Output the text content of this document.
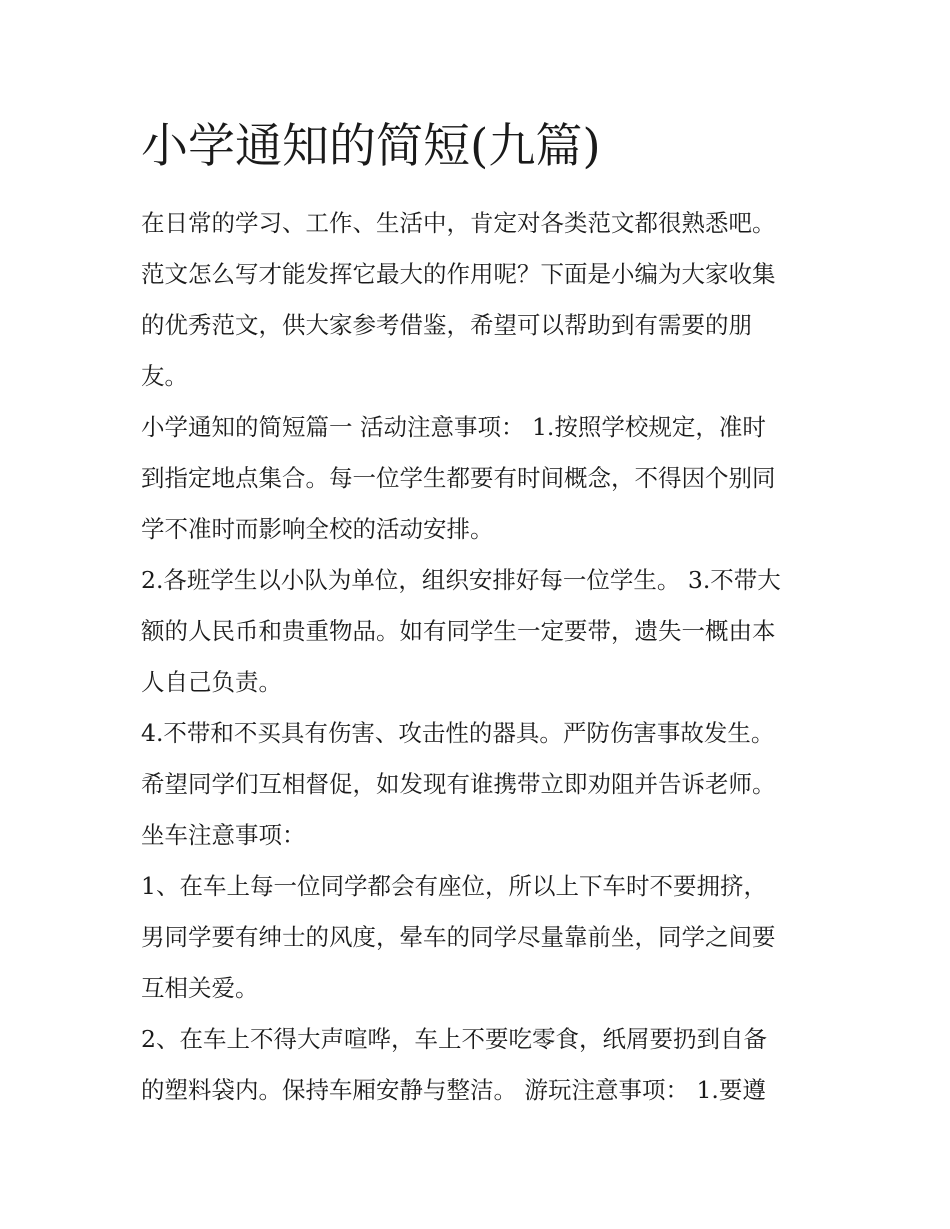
小学通知的简短(九篇)

在日常的学习、工作、生活中，肯定对各类范文都很熟悉吧。
范文怎么写才能发挥它最大的作用呢？下面是小编为大家收集
的优秀范文，供大家参考借鉴，希望可以帮助到有需要的朋
友。

小学通知的简短篇一 活动注意事项： 1.按照学校规定，准时
到指定地点集合。每一位学生都要有时间概念，不得因个别同
学不准时而影响全校的活动安排。

2.各班学生以小队为单位，组织安排好每一位学生。 3.不带大
额的人民币和贵重物品。如有同学生一定要带，遗失一概由本
人自己负责。

4.不带和不买具有伤害、攻击性的器具。严防伤害事故发生。
希望同学们互相督促，如发现有谁携带立即劝阻并告诉老师。
坐车注意事项：

1、在车上每一位同学都会有座位，所以上下车时不要拥挤，
男同学要有绅士的风度，晕车的同学尽量靠前坐，同学之间要
互相关爱。

2、在车上不得大声喧哗，车上不要吃零食，纸屑要扔到自备
的塑料袋内。保持车厢安静与整洁。 游玩注意事项： 1.要遵
